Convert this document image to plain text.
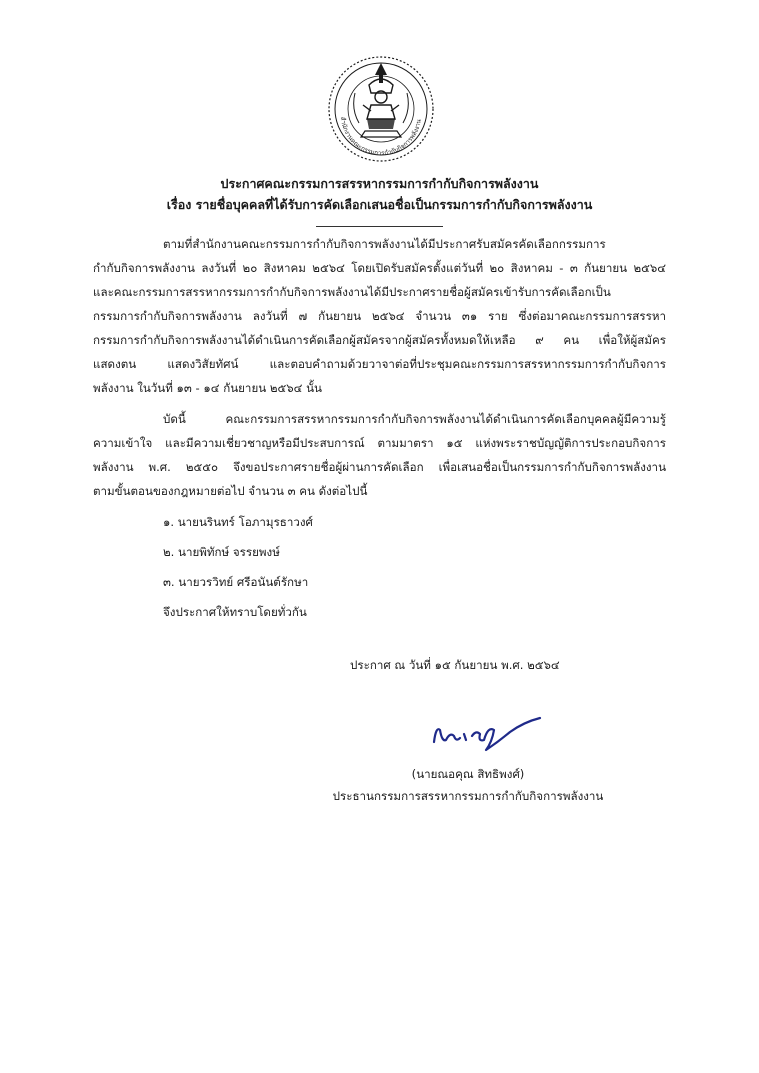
สำนักงานคณะกรรมการกำกับกิจการพลังงาน
ประกาศคณะกรรมการสรรหากรรมการกำกับกิจการพลังงาน
เรื่อง รายชื่อบุคคลที่ได้รับการคัดเลือกเสนอชื่อเป็นกรรมการกำกับกิจการพลังงาน
ตามที่สำนักงานคณะกรรมการกำกับกิจการพลังงานได้มีประกาศรับสมัครคัดเลือกกรรมการ
กำกับกิจการพลังงาน ลงวันที่ ๒๐ สิงหาคม ๒๕๖๔ โดยเปิดรับสมัครตั้งแต่วันที่ ๒๐ สิงหาคม - ๓ กันยายน ๒๕๖๔
และคณะกรรมการสรรหากรรมการกำกับกิจการพลังงานได้มีประกาศรายชื่อผู้สมัครเข้ารับการคัดเลือกเป็น
กรรมการกำกับกิจการพลังงาน ลงวันที่ ๗ กันยายน ๒๕๖๔ จำนวน ๓๑ ราย ซึ่งต่อมาคณะกรรมการสรรหา
กรรมการกำกับกิจการพลังงานได้ดำเนินการคัดเลือกผู้สมัครจากผู้สมัครทั้งหมดให้เหลือ ๙ คน เพื่อให้ผู้สมัคร
แสดงตน แสดงวิสัยทัศน์ และตอบคำถามด้วยวาจาต่อที่ประชุมคณะกรรมการสรรหากรรมการกำกับกิจการ
พลังงาน ในวันที่ ๑๓ - ๑๔ กันยายน ๒๕๖๔ นั้น
บัดนี้ คณะกรรมการสรรหากรรมการกำกับกิจการพลังงานได้ดำเนินการคัดเลือกบุคคลผู้มีความรู้
ความเข้าใจ และมีความเชี่ยวชาญหรือมีประสบการณ์ ตามมาตรา ๑๕ แห่งพระราชบัญญัติการประกอบกิจการ
พลังงาน พ.ศ. ๒๕๕๐ จึงขอประกาศรายชื่อผู้ผ่านการคัดเลือก เพื่อเสนอชื่อเป็นกรรมการกำกับกิจการพลังงาน
ตามขั้นตอนของกฎหมายต่อไป จำนวน ๓ คน ดังต่อไปนี้
๑. นายนรินทร์ โอภามุรธาวงศ์
๒. นายพิทักษ์ จรรยพงษ์
๓. นายวรวิทย์ ศรีอนันต์รักษา
จึงประกาศให้ทราบโดยทั่วกัน
ประกาศ ณ วันที่ ๑๕ กันยายน พ.ศ. ๒๕๖๔
(นายณอคุณ สิทธิพงศ์)
ประธานกรรมการสรรหากรรมการกำกับกิจการพลังงาน
